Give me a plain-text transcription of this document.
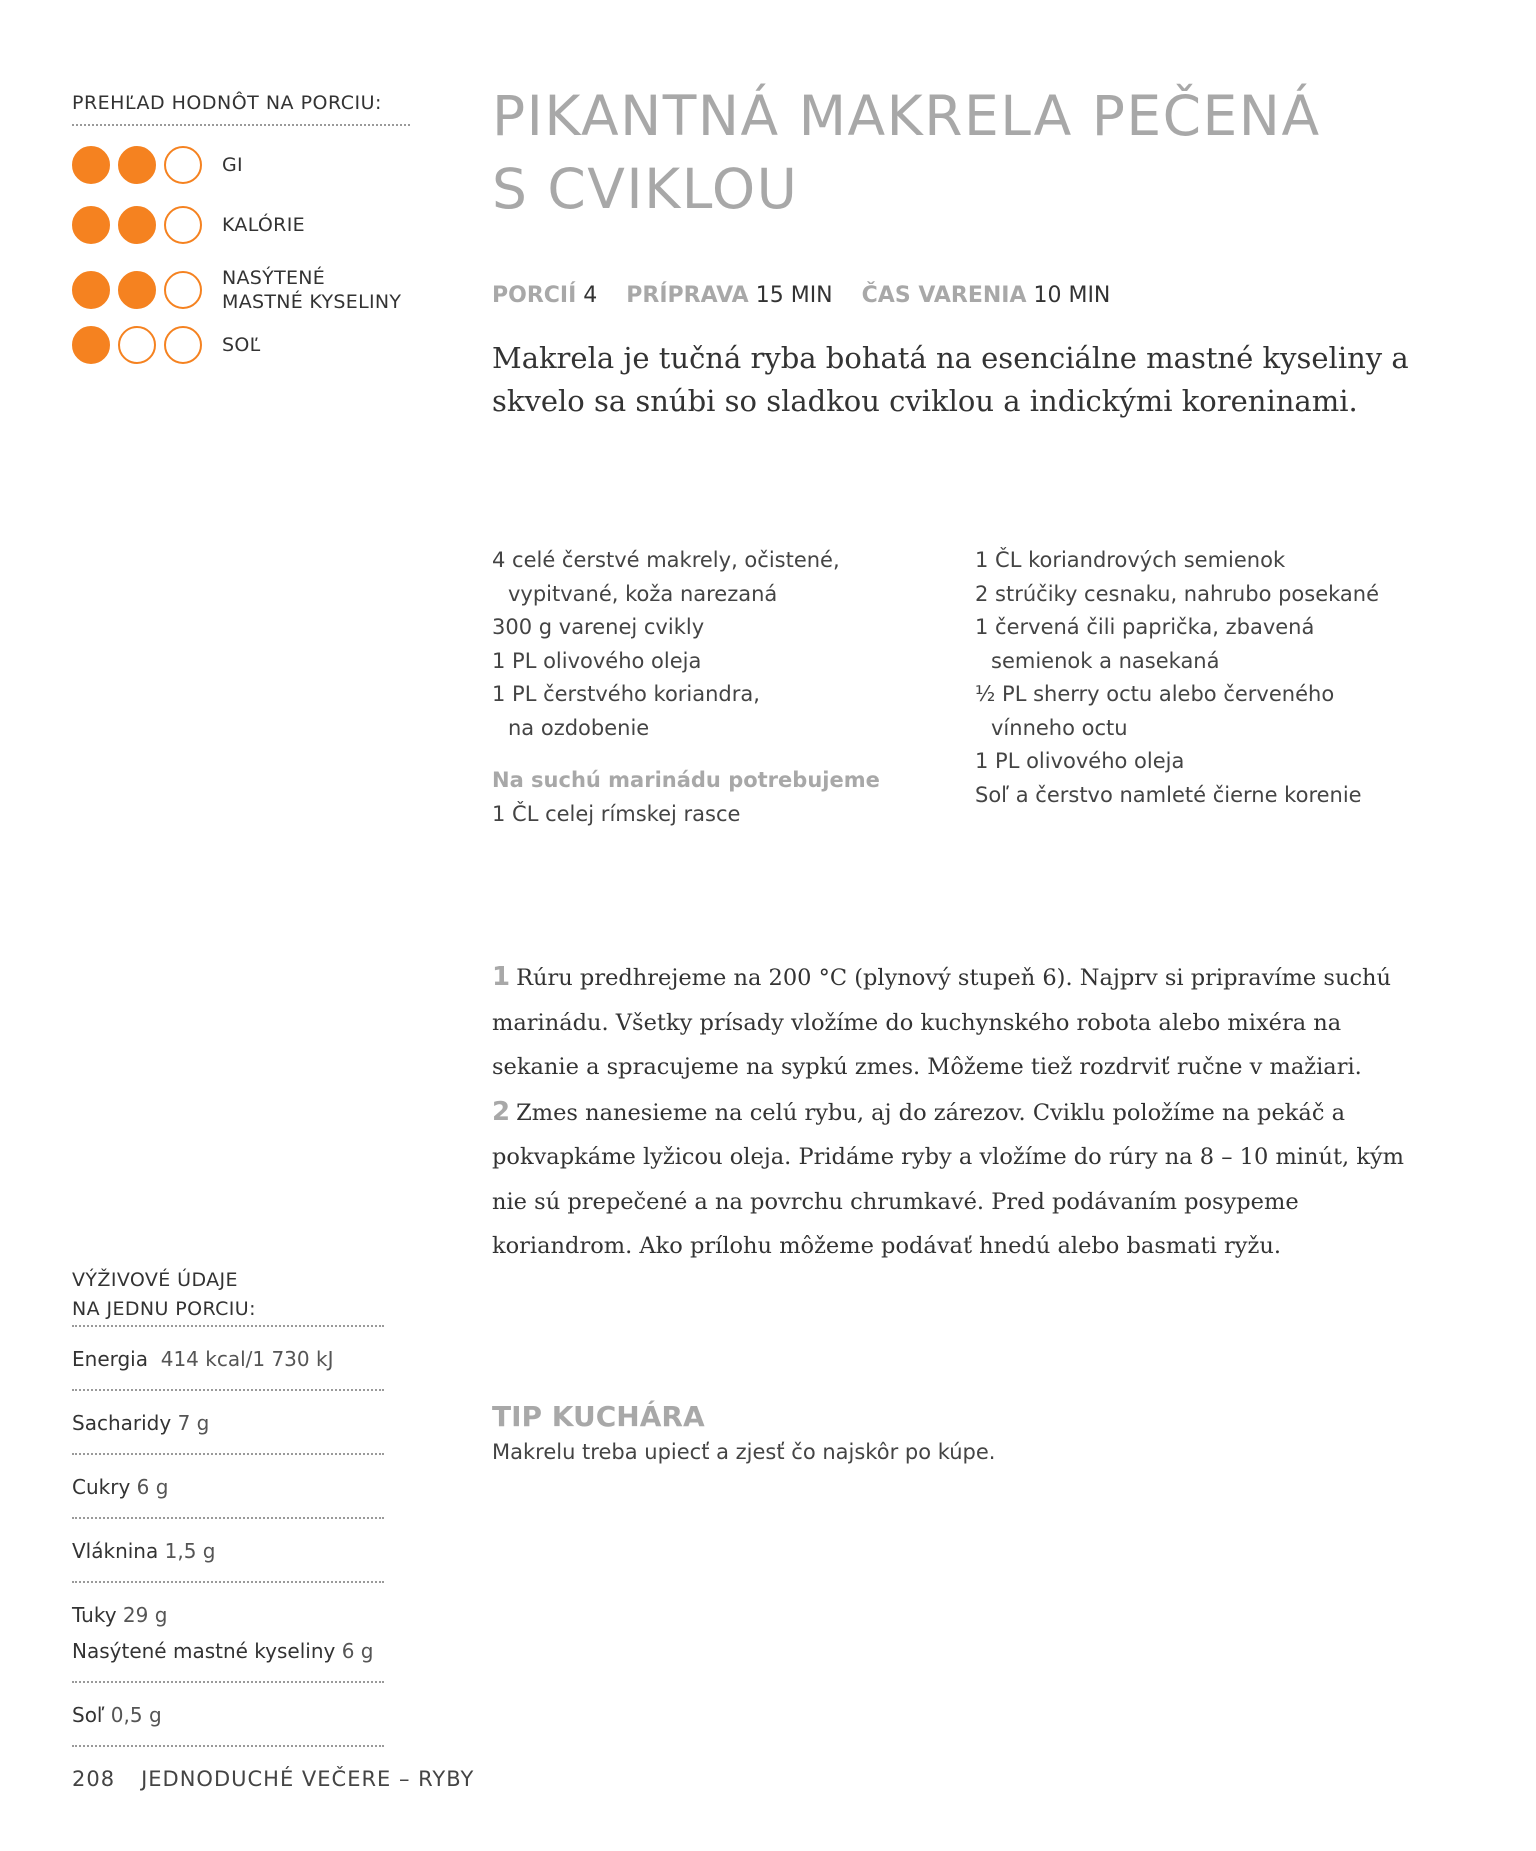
PREHĽAD HODNÔT NA PORCIU:
GI
KALÓRIE
NASÝTENÉ
MASTNÉ KYSELINY
SOĽ
VÝŽIVOVÉ ÚDAJE
NA JEDNU PORCIU:
Energia 414 kcal/1 730 kJ
Sacharidy 7 g
Cukry 6 g
Vláknina 1,5 g
Tuky 29 g
Nasýtené mastné kyseliny 6 g
Soľ 0,5 g
PIKANTNÁ MAKRELA PEČENÁ
S CVIKLOU
PORCIÍ 4 PRÍPRAVA 15 MIN ČAS VARENIA 10 MIN
Makrela je tučná ryba bohatá na esenciálne mastné kyseliny a skvelo sa snúbi so sladkou cviklou a indickými koreninami.
4 celé čerstvé makrely, očistené,
vypitvané, koža narezaná
300 g varenej cvikly
1 PL olivového oleja
1 PL čerstvého koriandra,
na ozdobenie
Na suchú marinádu potrebujeme
1 ČL celej rímskej rasce
1 ČL koriandrových semienok
2 strúčiky cesnaku, nahrubo posekané
1 červená čili paprička, zbavená
semienok a nasekaná
½ PL sherry octu alebo červeného
vínneho octu
1 PL olivového oleja
Soľ a čerstvo namleté čierne korenie
1 Rúru predhrejeme na 200 °C (plynový stupeň 6). Najprv si pripravíme suchú marinádu. Všetky prísady vložíme do kuchynského robota alebo mixéra na sekanie a spracujeme na sypkú zmes. Môžeme tiež rozdrviť ručne v mažiari.
2 Zmes nanesieme na celú rybu, aj do zárezov. Cviklu položíme na pekáč a pokvapkáme lyžicou oleja. Pridáme ryby a vložíme do rúry na 8 – 10 minút, kým nie sú prepečené a na povrchu chrumkavé. Pred podávaním posypeme koriandrom. Ako prílohu môžeme podávať hnedú alebo basmati ryžu.
TIP KUCHÁRA
Makrelu treba upiecť a zjesť čo najskôr po kúpe.
208 JEDNODUCHÉ VEČERE – RYBY
